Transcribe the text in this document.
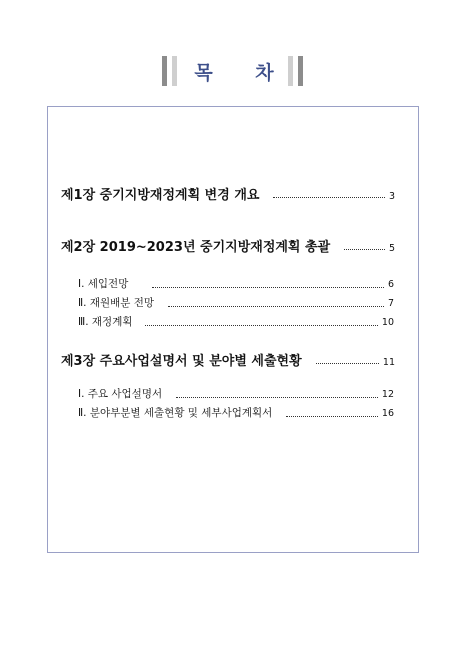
목 차
제1장 중기지방재정계획 변경 개요	3
제2장 2019~2023년 중기지방재정계획 총괄	5
Ⅰ. 세입전망	6
Ⅱ. 재원배분 전망	7
Ⅲ. 재정계획	10
제3장 주요사업설명서 및 분야별 세출현황	11
Ⅰ. 주요 사업설명서	12
Ⅱ. 분야부분별 세출현황 및 세부사업계획서	16
